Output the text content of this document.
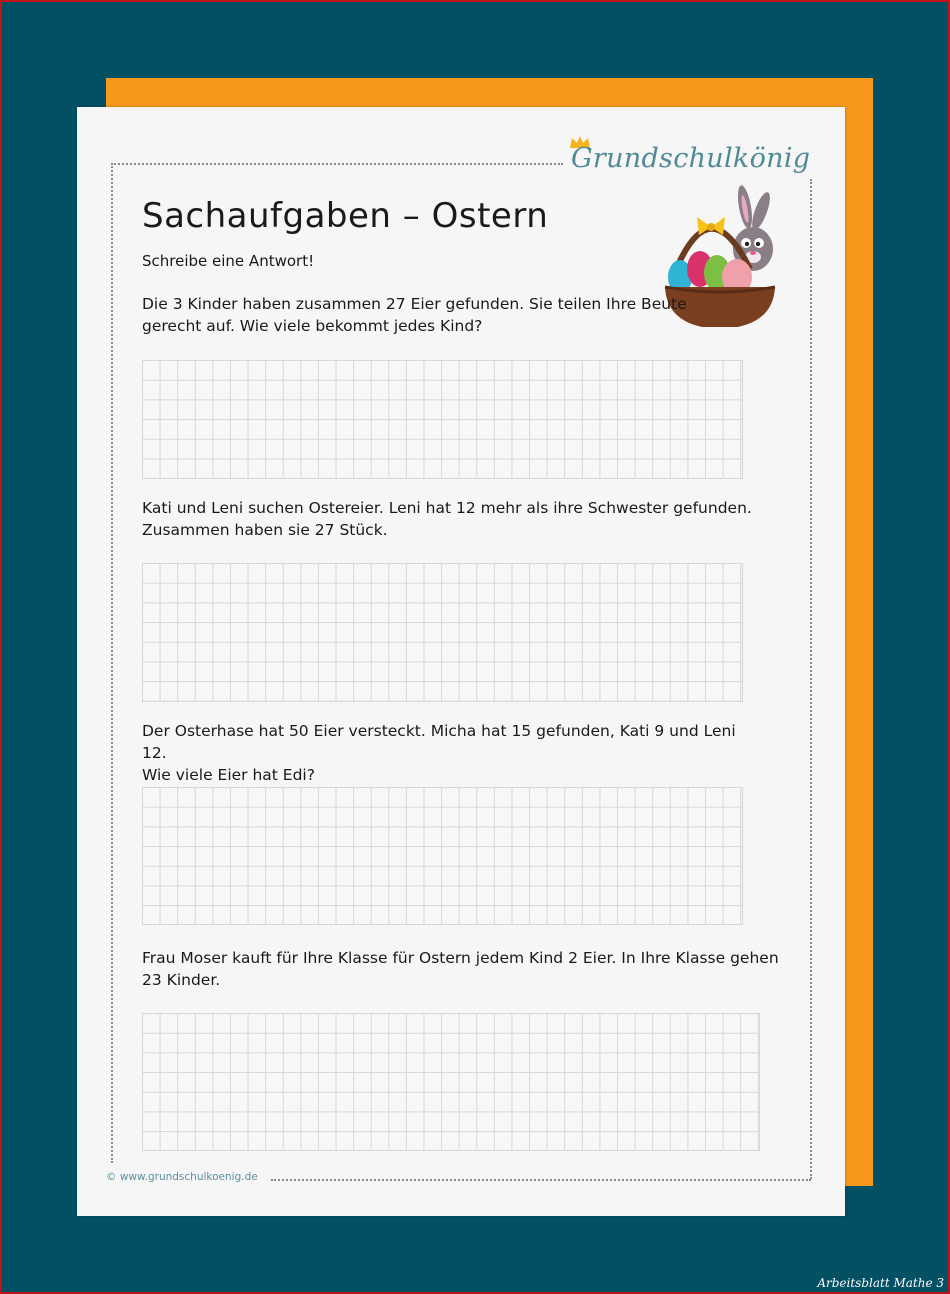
Grundschulkönig
Sachaufgaben – Ostern
Schreibe eine Antwort!
Die 3 Kinder haben zusammen 27 Eier gefunden. Sie teilen Ihre Beute
gerecht auf. Wie viele bekommt jedes Kind?
Kati und Leni suchen Ostereier. Leni hat 12 mehr als ihre Schwester gefunden.
Zusammen haben sie 27 Stück.
Der Osterhase hat 50 Eier versteckt. Micha hat 15 gefunden, Kati 9 und Leni 12.
Wie viele Eier hat Edi?
Frau Moser kauft für Ihre Klasse für Ostern jedem Kind 2 Eier. In Ihre Klasse gehen
23 Kinder.
© www.grundschulkoenig.de
Arbeitsblatt Mathe 3
